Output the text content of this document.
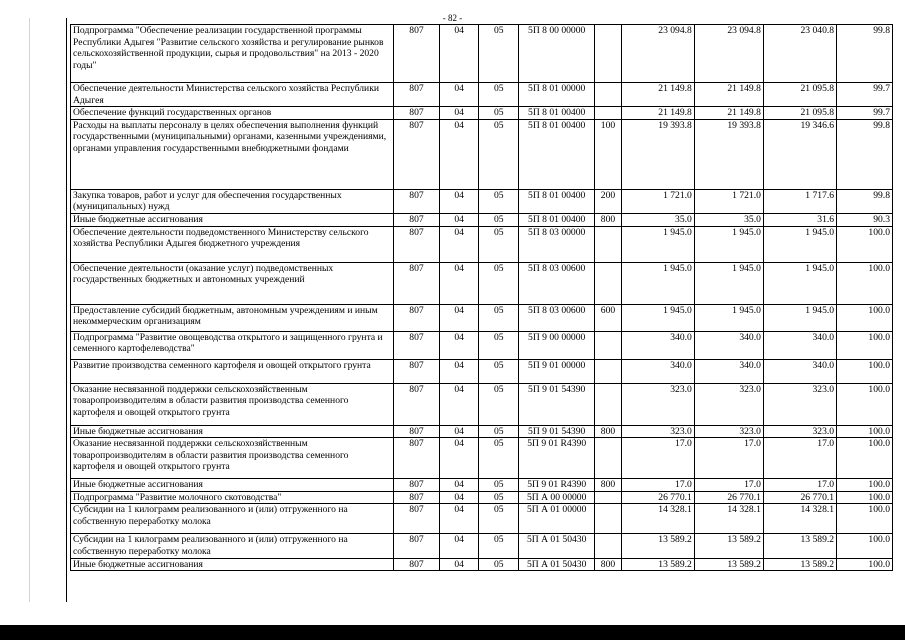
- 82 -
Подпрограмма "Обеспечение реализации государственной программы Республики Адыгея "Развитие сельского хозяйства и регулирование рынков сельскохозяйственной продукции, сырья и продовольствия" на 2013 - 2020 годы"	807	04	05	5П 8 00 00000		23 094.8	23 094.8	23 040.8	99.8
Обеспечение деятельности Министерства сельского хозяйства Республики Адыгея	807	04	05	5П 8 01 00000		21 149.8	21 149.8	21 095.8	99.7
Обеспечение функций государственных органов	807	04	05	5П 8 01 00400		21 149.8	21 149.8	21 095.8	99.7
Расходы на выплаты персоналу в целях обеспечения выполнения функций государственными (муниципальными) органами, казенными учреждениями, органами управления государственными внебюджетными фондами	807	04	05	5П 8 01 00400	100	19 393.8	19 393.8	19 346.6	99.8
Закупка товаров, работ и услуг для обеспечения государственных (муниципальных) нужд	807	04	05	5П 8 01 00400	200	1 721.0	1 721.0	1 717.6	99.8
Иные бюджетные ассигнования	807	04	05	5П 8 01 00400	800	35.0	35.0	31.6	90.3
Обеспечение деятельности подведомственного Министерству сельского хозяйства Республики Адыгея бюджетного учреждения	807	04	05	5П 8 03 00000		1 945.0	1 945.0	1 945.0	100.0
Обеспечение деятельности (оказание услуг) подведомственных государственных бюджетных и автономных учреждений	807	04	05	5П 8 03 00600		1 945.0	1 945.0	1 945.0	100.0
Предоставление субсидий бюджетным, автономным учреждениям и иным некоммерческим организациям	807	04	05	5П 8 03 00600	600	1 945.0	1 945.0	1 945.0	100.0
Подпрограмма "Развитие овощеводства открытого и защищенного грунта и семенного картофелеводства"	807	04	05	5П 9 00 00000		340.0	340.0	340.0	100.0
Развитие производства семенного картофеля и овощей открытого грунта	807	04	05	5П 9 01 00000		340.0	340.0	340.0	100.0
Оказание несвязанной поддержки сельскохозяйственным товаропроизводителям в области развития производства семенного картофеля и овощей открытого грунта	807	04	05	5П 9 01 54390		323.0	323.0	323.0	100.0
Иные бюджетные ассигнования	807	04	05	5П 9 01 54390	800	323.0	323.0	323.0	100.0
Оказание несвязанной поддержки сельскохозяйственным товаропроизводителям в области развития производства семенного картофеля и овощей открытого грунта	807	04	05	5П 9 01 R4390		17.0	17.0	17.0	100.0
Иные бюджетные ассигнования	807	04	05	5П 9 01 R4390	800	17.0	17.0	17.0	100.0
Подпрограмма "Развитие молочного скотоводства"	807	04	05	5П А 00 00000		26 770.1	26 770.1	26 770.1	100.0
Субсидии на 1 килограмм реализованного и (или) отгруженного на собственную переработку молока	807	04	05	5П А 01 00000		14 328.1	14 328.1	14 328.1	100.0
Субсидии на 1 килограмм реализованного и (или) отгруженного на собственную переработку молока	807	04	05	5П А 01 50430		13 589.2	13 589.2	13 589.2	100.0
Иные бюджетные ассигнования	807	04	05	5П А 01 50430	800	13 589.2	13 589.2	13 589.2	100.0
